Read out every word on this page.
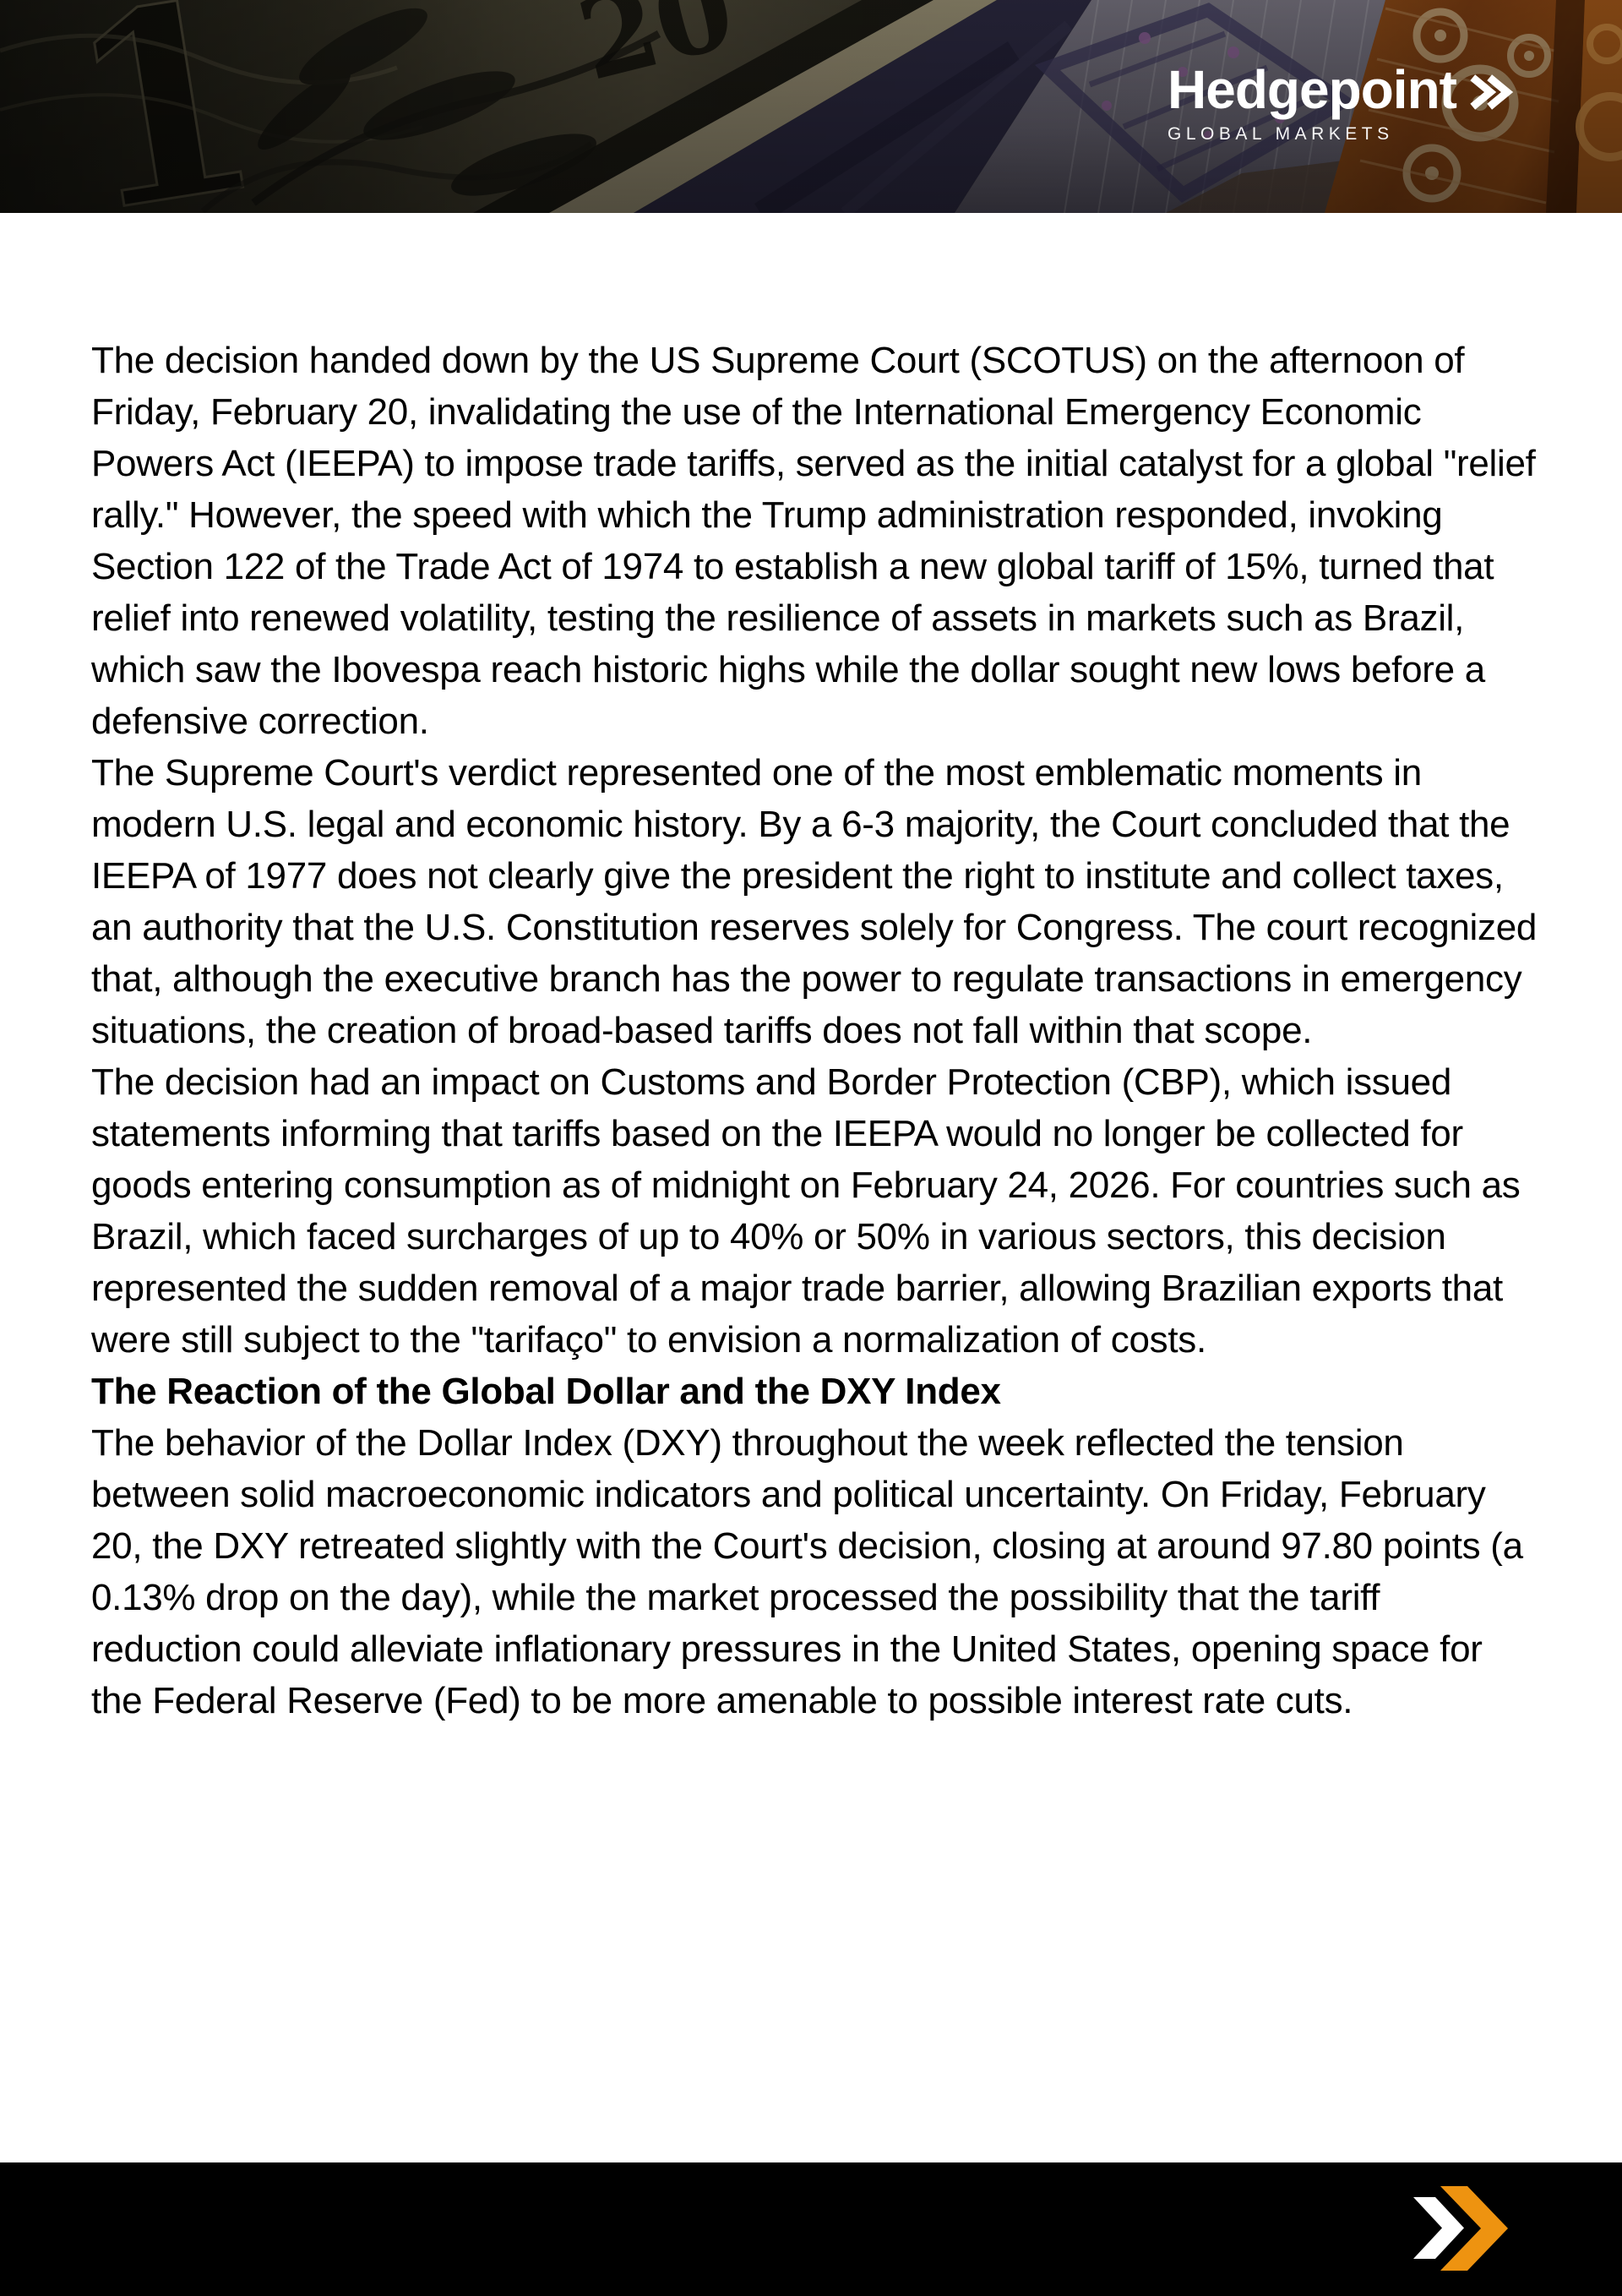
Hedgepoint
GLOBAL MARKETS

The decision handed down by the US Supreme Court (SCOTUS) on the afternoon of Friday, February 20, invalidating the use of the International Emergency Economic Powers Act (IEEPA) to impose trade tariffs, served as the initial catalyst for a global "relief rally." However, the speed with which the Trump administration responded, invoking Section 122 of the Trade Act of 1974 to establish a new global tariff of 15%, turned that relief into renewed volatility, testing the resilience of assets in markets such as Brazil, which saw the Ibovespa reach historic highs while the dollar sought new lows before a defensive correction.

The Supreme Court's verdict represented one of the most emblematic moments in modern U.S. legal and economic history. By a 6-3 majority, the Court concluded that the IEEPA of 1977 does not clearly give the president the right to institute and collect taxes, an authority that the U.S. Constitution reserves solely for Congress. The court recognized that, although the executive branch has the power to regulate transactions in emergency situations, the creation of broad-based tariffs does not fall within that scope.

The decision had an impact on Customs and Border Protection (CBP), which issued statements informing that tariffs based on the IEEPA would no longer be collected for goods entering consumption as of midnight on February 24, 2026. For countries such as Brazil, which faced surcharges of up to 40% or 50% in various sectors, this decision represented the sudden removal of a major trade barrier, allowing Brazilian exports that were still subject to the "tarifaço" to envision a normalization of costs.

The Reaction of the Global Dollar and the DXY Index

The behavior of the Dollar Index (DXY) throughout the week reflected the tension between solid macroeconomic indicators and political uncertainty. On Friday, February 20, the DXY retreated slightly with the Court's decision, closing at around 97.80 points (a 0.13% drop on the day), while the market processed the possibility that the tariff reduction could alleviate inflationary pressures in the United States, opening space for the Federal Reserve (Fed) to be more amenable to possible interest rate cuts.
